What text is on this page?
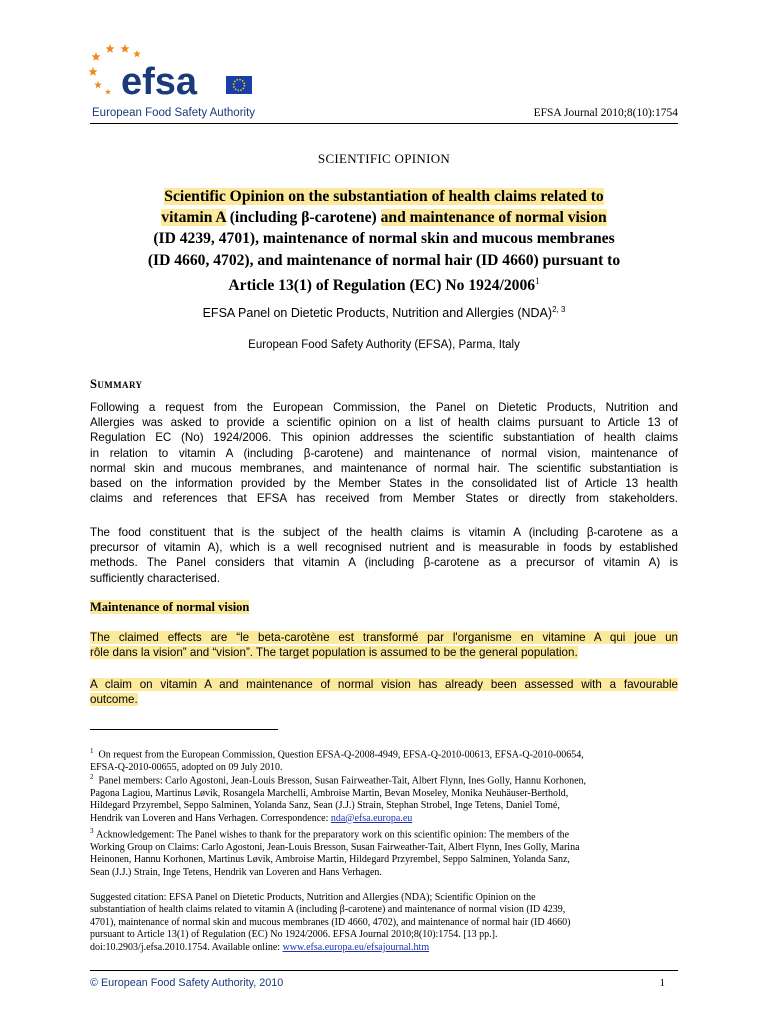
efsa
European Food Safety Authority	EFSA Journal 2010;8(10):1754
SCIENTIFIC OPINION
Scientific Opinion on the substantiation of health claims related to
vitamin A (including β-carotene) and maintenance of normal vision
(ID 4239, 4701), maintenance of normal skin and mucous membranes
(ID 4660, 4702), and maintenance of normal hair (ID 4660) pursuant to
Article 13(1) of Regulation (EC) No 1924/2006$^1$
EFSA Panel on Dietetic Products, Nutrition and Allergies (NDA)$^{2, 3}$
European Food Safety Authority (EFSA), Parma, Italy
Summary
Following a request from the European Commission, the Panel on Dietetic Products, Nutrition and
Allergies was asked to provide a scientific opinion on a list of health claims pursuant to Article 13 of
Regulation EC (No) 1924/2006. This opinion addresses the scientific substantiation of health claims
in relation to vitamin A (including β-carotene) and maintenance of normal vision, maintenance of
normal skin and mucous membranes, and maintenance of normal hair. The scientific substantiation is
based on the information provided by the Member States in the consolidated list of Article 13 health
claims and references that EFSA has received from Member States or directly from stakeholders.
The food constituent that is the subject of the health claims is vitamin A (including β-carotene as a
precursor of vitamin A), which is a well recognised nutrient and is measurable in foods by established
methods. The Panel considers that vitamin A (including β-carotene as a precursor of vitamin A) is
sufficiently characterised.
Maintenance of normal vision
The claimed effects are “le beta-carotène est transformé par l'organisme en vitamine A qui joue un
rôle dans la vision” and “vision”. The target population is assumed to be the general population.
A claim on vitamin A and maintenance of normal vision has already been assessed with a favourable
outcome.
$^1$ On request from the European Commission, Question EFSA-Q-2008-4949, EFSA-Q-2010-00613, EFSA-Q-2010-00654,
EFSA-Q-2010-00655, adopted on 09 July 2010.
$^2$ Panel members: Carlo Agostoni, Jean-Louis Bresson, Susan Fairweather-Tait, Albert Flynn, Ines Golly, Hannu Korhonen,
Pagona Lagiou, Martinus Løvik, Rosangela Marchelli, Ambroise Martin, Bevan Moseley, Monika Neuhäuser-Berthold,
Hildegard Przyrembel, Seppo Salminen, Yolanda Sanz, Sean (J.J.) Strain, Stephan Strobel, Inge Tetens, Daniel Tomé,
Hendrik van Loveren and Hans Verhagen. Correspondence: nda@efsa.europa.eu
$^3$ Acknowledgement: The Panel wishes to thank for the preparatory work on this scientific opinion: The members of the
Working Group on Claims: Carlo Agostoni, Jean-Louis Bresson, Susan Fairweather-Tait, Albert Flynn, Ines Golly, Marina
Heinonen, Hannu Korhonen, Martinus Løvik, Ambroise Martin, Hildegard Przyrembel, Seppo Salminen, Yolanda Sanz,
Sean (J.J.) Strain, Inge Tetens, Hendrik van Loveren and Hans Verhagen.
Suggested citation: EFSA Panel on Dietetic Products, Nutrition and Allergies (NDA); Scientific Opinion on the
substantiation of health claims related to vitamin A (including β-carotene) and maintenance of normal vision (ID 4239,
4701), maintenance of normal skin and mucous membranes (ID 4660, 4702), and maintenance of normal hair (ID 4660)
pursuant to Article 13(1) of Regulation (EC) No 1924/2006. EFSA Journal 2010;8(10):1754. [13 pp.].
doi:10.2903/j.efsa.2010.1754. Available online: www.efsa.europa.eu/efsajournal.htm
© European Food Safety Authority, 2010	1
